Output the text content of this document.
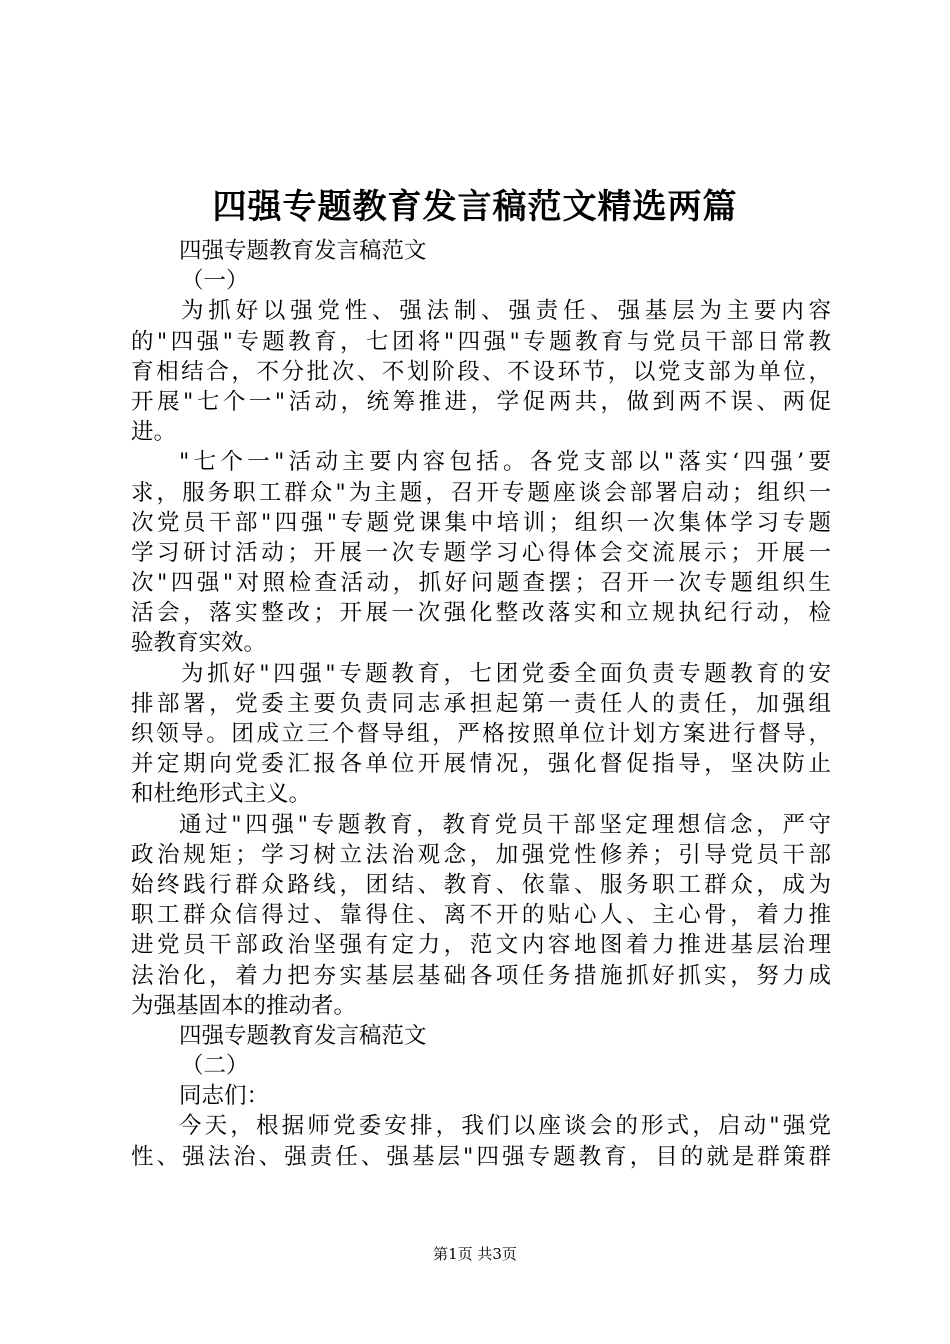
四强专题教育发言稿范文精选两篇
四强专题教育发言稿范文
（一）
为抓好以强党性、强法制、强责任、强基层为主要内容
的"四强"专题教育，七团将"四强"专题教育与党员干部日常教
育相结合，不分批次、不划阶段、不设环节，以党支部为单位，
开展"七个一"活动，统筹推进，学促两共，做到两不误、两促
进。
"七个一"活动主要内容包括。各党支部以"落实‘四强’要
求，服务职工群众"为主题，召开专题座谈会部署启动；组织一
次党员干部"四强"专题党课集中培训；组织一次集体学习专题
学习研讨活动；开展一次专题学习心得体会交流展示；开展一
次"四强"对照检查活动，抓好问题查摆；召开一次专题组织生
活会，落实整改；开展一次强化整改落实和立规执纪行动，检
验教育实效。
为抓好"四强"专题教育，七团党委全面负责专题教育的安
排部署，党委主要负责同志承担起第一责任人的责任，加强组
织领导。团成立三个督导组，严格按照单位计划方案进行督导，
并定期向党委汇报各单位开展情况，强化督促指导，坚决防止
和杜绝形式主义。
通过"四强"专题教育，教育党员干部坚定理想信念，严守
政治规矩；学习树立法治观念，加强党性修养；引导党员干部
始终践行群众路线，团结、教育、依靠、服务职工群众，成为
职工群众信得过、靠得住、离不开的贴心人、主心骨，着力推
进党员干部政治坚强有定力，范文内容地图着力推进基层治理
法治化，着力把夯实基层基础各项任务措施抓好抓实，努力成
为强基固本的推动者。
四强专题教育发言稿范文
（二）
同志们：
今天，根据师党委安排，我们以座谈会的形式，启动"强党
性、强法治、强责任、强基层"四强专题教育，目的就是群策群
第1页 共3页
